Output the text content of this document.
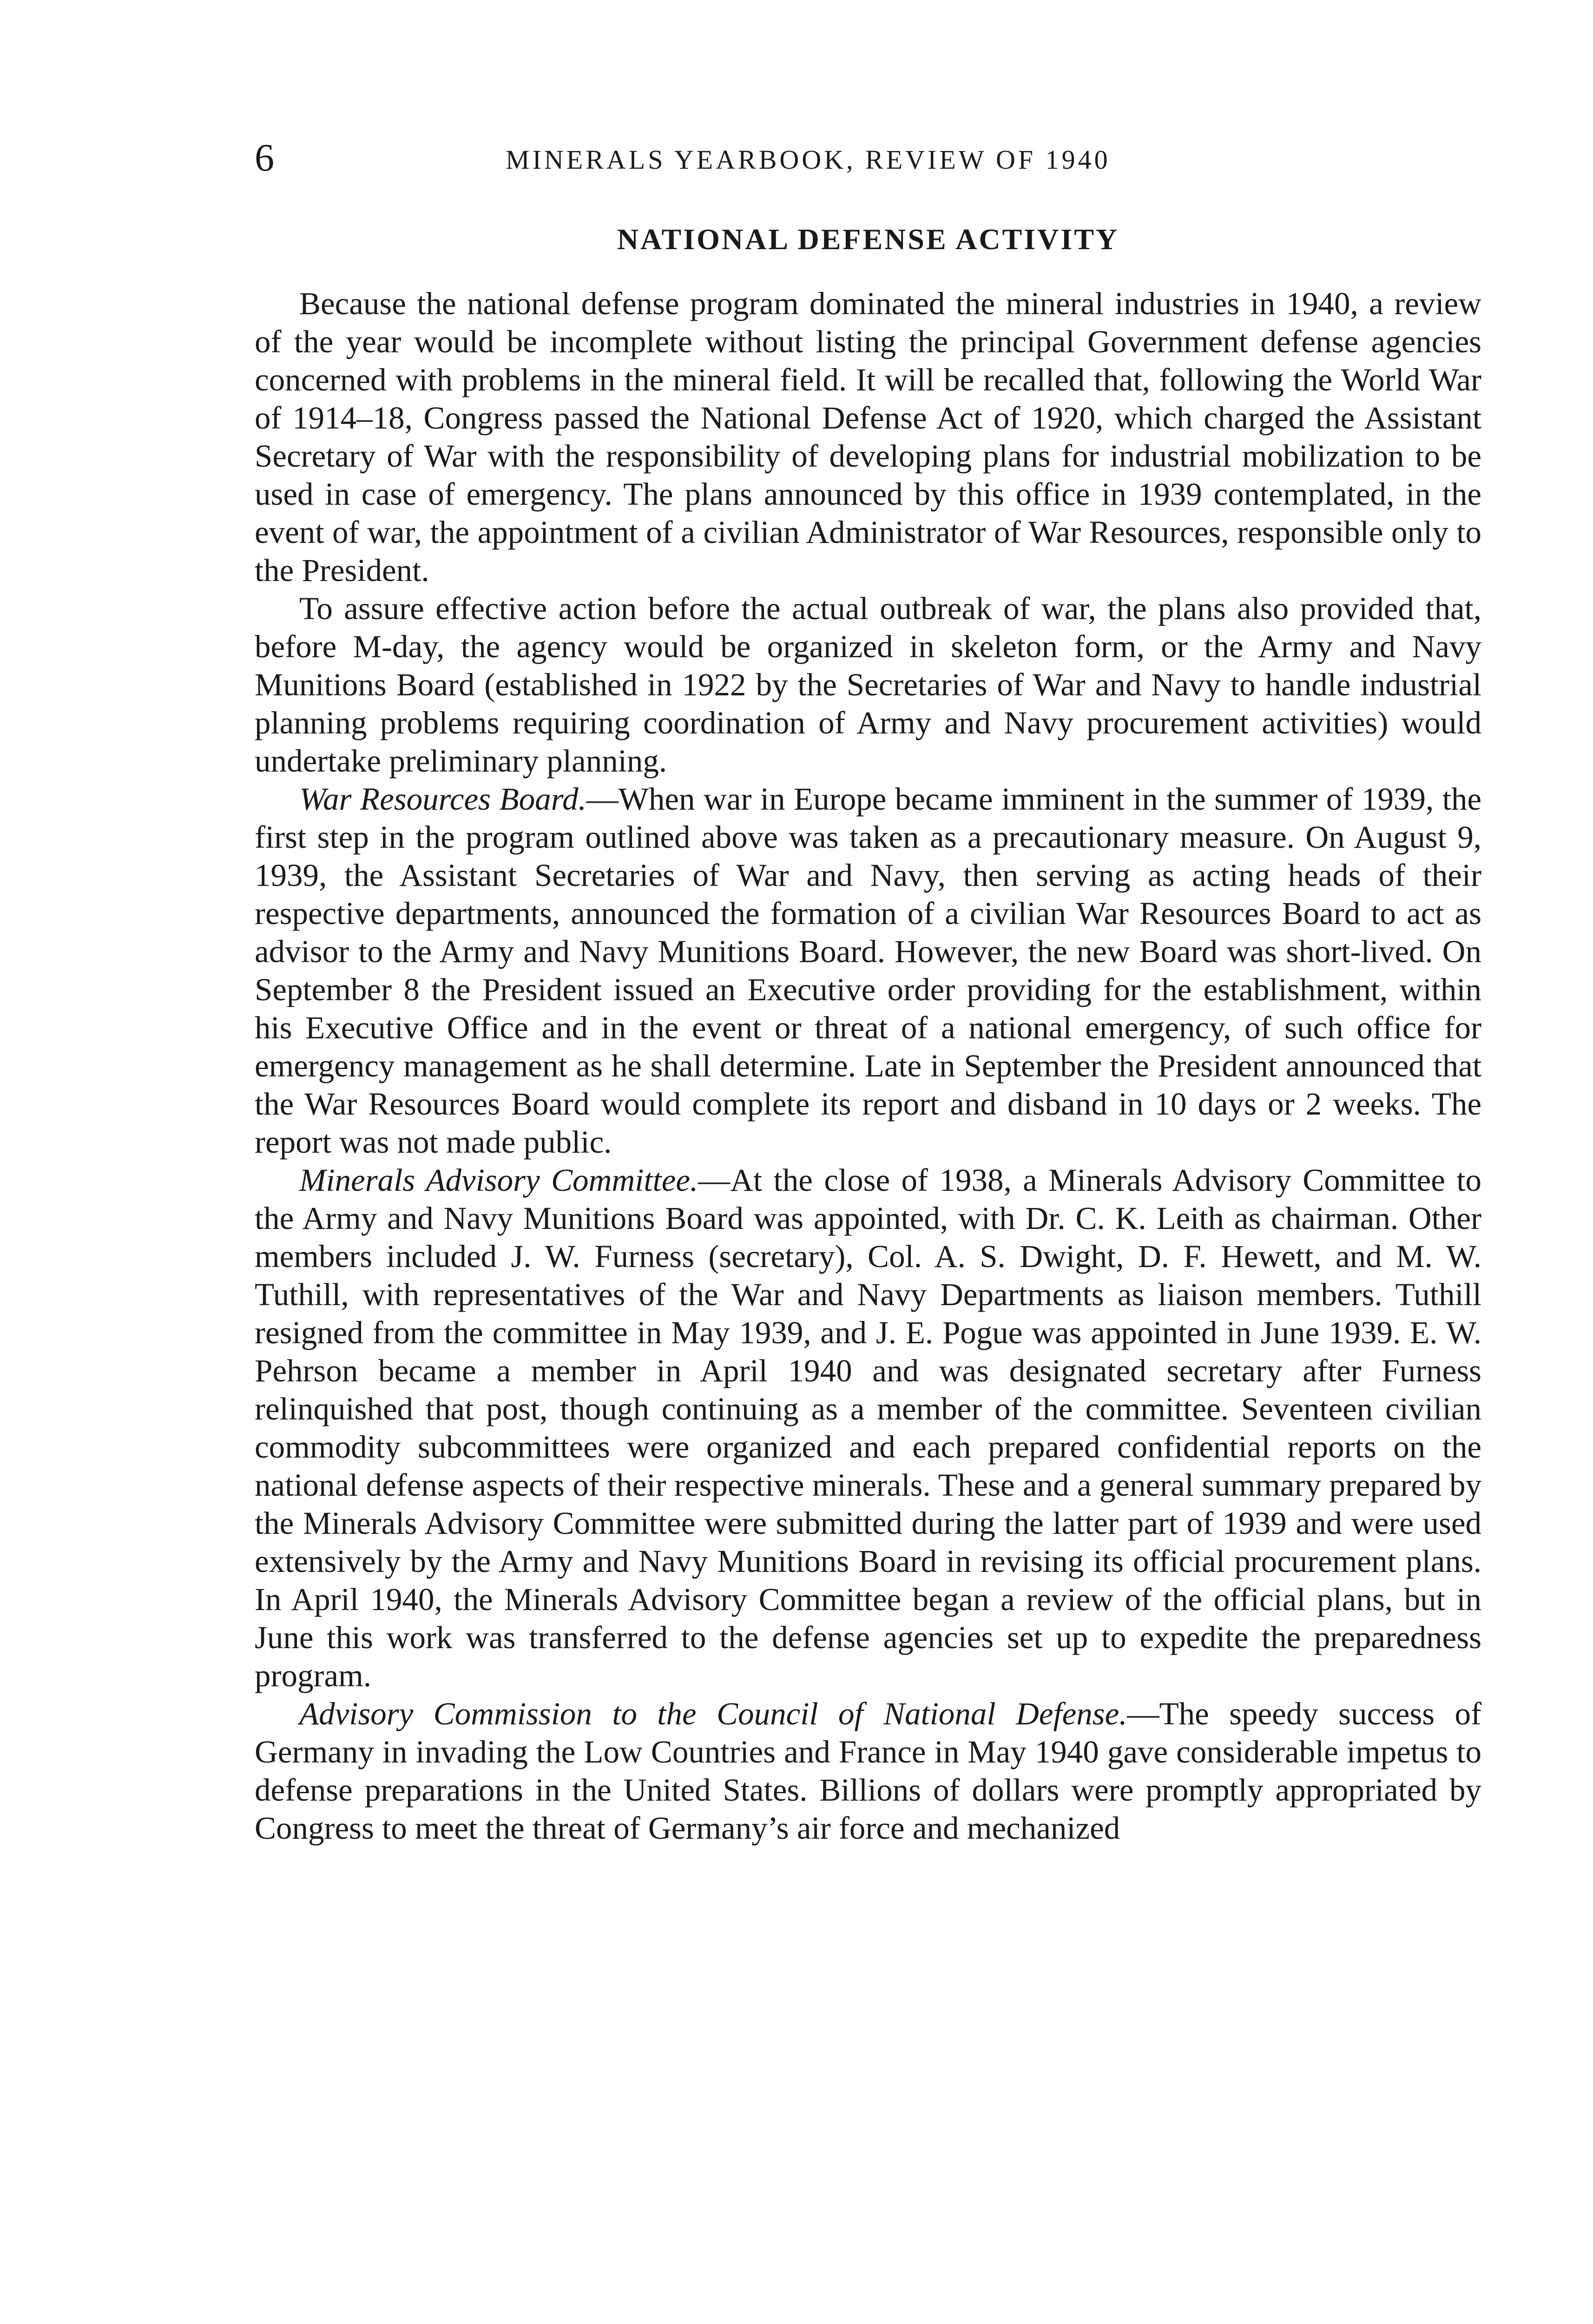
6	MINERALS YEARBOOK, REVIEW OF 1940
NATIONAL DEFENSE ACTIVITY

Because the national defense program dominated the mineral industries in 1940, a review of the year would be incomplete without listing the principal Government defense agencies concerned with problems in the mineral field. It will be recalled that, following the World War of 1914–18, Congress passed the National Defense Act of 1920, which charged the Assistant Secretary of War with the responsibility of developing plans for industrial mobilization to be used in case of emergency. The plans announced by this office in 1939 contemplated, in the event of war, the appointment of a civilian Administrator of War Resources, responsible only to the President.

To assure effective action before the actual outbreak of war, the plans also provided that, before M-day, the agency would be organized in skeleton form, or the Army and Navy Munitions Board (established in 1922 by the Secretaries of War and Navy to handle industrial planning problems requiring coordination of Army and Navy procurement activities) would undertake preliminary planning.

War Resources Board.—When war in Europe became imminent in the summer of 1939, the first step in the program outlined above was taken as a precautionary measure. On August 9, 1939, the Assistant Secretaries of War and Navy, then serving as acting heads of their respective departments, announced the formation of a civilian War Resources Board to act as advisor to the Army and Navy Munitions Board. However, the new Board was short-lived. On September 8 the President issued an Executive order providing for the establishment, within his Executive Office and in the event or threat of a national emergency, of such office for emergency management as he shall determine. Late in September the President announced that the War Resources Board would complete its report and disband in 10 days or 2 weeks. The report was not made public.

Minerals Advisory Committee.—At the close of 1938, a Minerals Advisory Committee to the Army and Navy Munitions Board was appointed, with Dr. C. K. Leith as chairman. Other members included J. W. Furness (secretary), Col. A. S. Dwight, D. F. Hewett, and M. W. Tuthill, with representatives of the War and Navy Departments as liaison members. Tuthill resigned from the committee in May 1939, and J. E. Pogue was appointed in June 1939. E. W. Pehrson became a member in April 1940 and was designated secretary after Furness relinquished that post, though continuing as a member of the committee. Seventeen civilian commodity subcommittees were organized and each prepared confidential reports on the national defense aspects of their respective minerals. These and a general summary prepared by the Minerals Advisory Committee were submitted during the latter part of 1939 and were used extensively by the Army and Navy Munitions Board in revising its official procurement plans. In April 1940, the Minerals Advisory Committee began a review of the official plans, but in June this work was transferred to the defense agencies set up to expedite the preparedness program.

Advisory Commission to the Council of National Defense.—The speedy success of Germany in invading the Low Countries and France in May 1940 gave considerable impetus to defense preparations in the United States. Billions of dollars were promptly appropriated by Congress to meet the threat of Germany’s air force and mechanized
